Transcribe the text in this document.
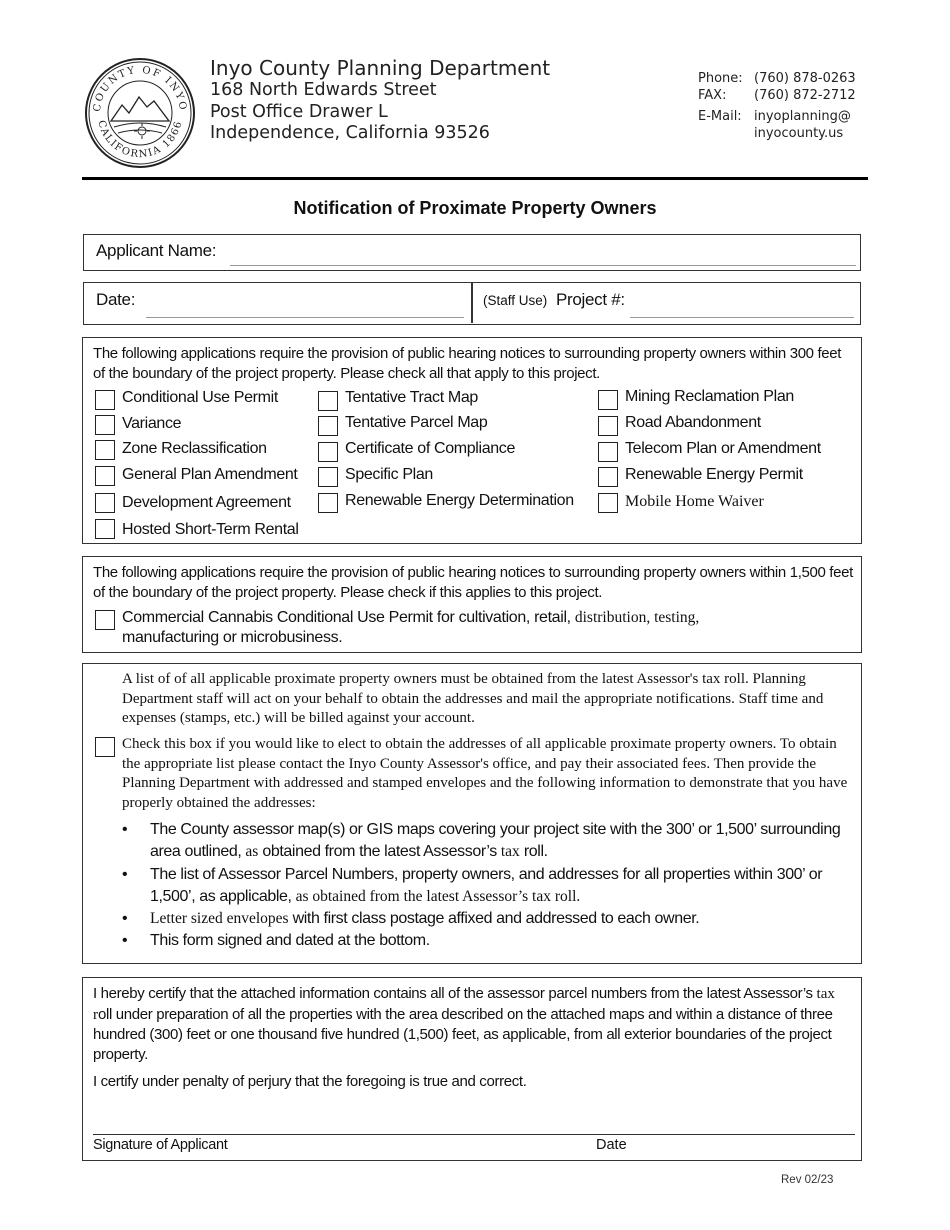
COUNTY OF INYO
CALIFORNIA 1866
Inyo County Planning Department
168 North Edwards Street
Post Office Drawer L
Independence, California 93526
Phone: (760) 878-0263
FAX:	(760) 872-2712
E-Mail: inyoplanning@
inyocounty.us
Notification of Proximate Property Owners
Applicant Name:
Date:	(Staff Use) Project #:
The following applications require the provision of public hearing notices to surrounding property owners within 300 feet of the boundary of the project property. Please check all that apply to this project.
Conditional Use Permit
Variance
Zone Reclassification
General Plan Amendment
Development Agreement
Hosted Short-Term Rental
Tentative Tract Map
Tentative Parcel Map
Certificate of Compliance
Specific Plan
Renewable Energy Determination
Mining Reclamation Plan
Road Abandonment
Telecom Plan or Amendment
Renewable Energy Permit
Mobile Home Waiver
The following applications require the provision of public hearing notices to surrounding property owners within 1,500 feet of the boundary of the project property. Please check if this applies to this project.
Commercial Cannabis Conditional Use Permit for cultivation, retail, distribution, testing,
manufacturing or microbusiness.
A list of of all applicable proximate property owners must be obtained from the latest Assessor's tax roll. Planning Department staff will act on your behalf to obtain the addresses and mail the appropriate notifications. Staff time and expenses (stamps, etc.) will be billed against your account.
Check this box if you would like to elect to obtain the addresses of all applicable proximate property owners. To obtain the appropriate list please contact the Inyo County Assessor's office, and pay their associated fees. Then provide the Planning Department with addressed and stamped envelopes and the following information to demonstrate that you have properly obtained the addresses:
• The County assessor map(s) or GIS maps covering your project site with the 300’ or 1,500’ surrounding area outlined, as obtained from the latest Assessor’s tax roll.
• The list of Assessor Parcel Numbers, property owners, and addresses for all properties within 300’ or 1,500’, as applicable, as obtained from the latest Assessor’s tax roll.
• Letter sized envelopes with first class postage affixed and addressed to each owner.
• This form signed and dated at the bottom.
I hereby certify that the attached information contains all of the assessor parcel numbers from the latest Assessor’s tax roll under preparation of all the properties with the area described on the attached maps and within a distance of three hundred (300) feet or one thousand five hundred (1,500) feet, as applicable, from all exterior boundaries of the project property.
I certify under penalty of perjury that the foregoing is true and correct.
Signature of Applicant	Date
Rev 02/23
